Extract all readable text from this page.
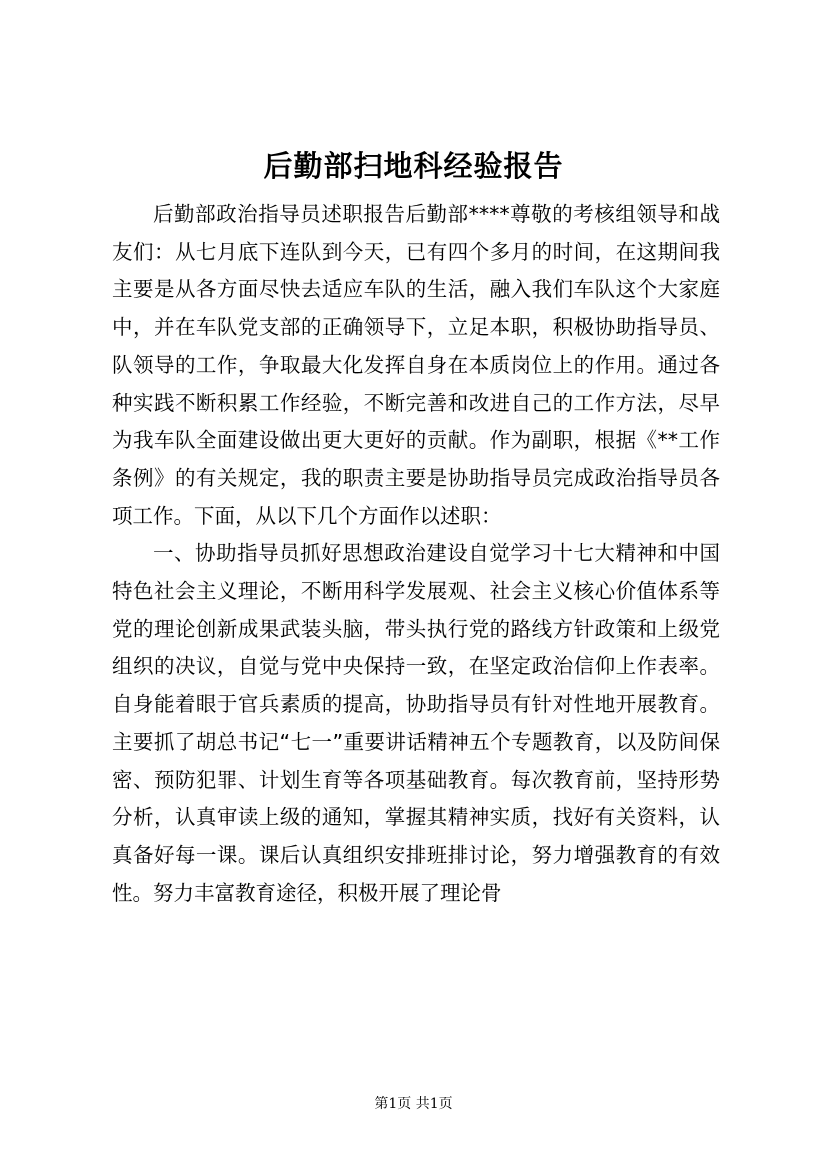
后勤部扫地科经验报告

后勤部政治指导员述职报告后勤部****尊敬的考核组领导和战友们：从七月底下连队到今天，已有四个多月的时间，在这期间我主要是从各方面尽快去适应车队的生活，融入我们车队这个大家庭中，并在车队党支部的正确领导下，立足本职，积极协助指导员、队领导的工作，争取最大化发挥自身在本质岗位上的作用。通过各种实践不断积累工作经验，不断完善和改进自己的工作方法，尽早为我车队全面建设做出更大更好的贡献。作为副职，根据《**工作条例》的有关规定，我的职责主要是协助指导员完成政治指导员各项工作。下面，从以下几个方面作以述职：

一、协助指导员抓好思想政治建设自觉学习十七大精神和中国特色社会主义理论，不断用科学发展观、社会主义核心价值体系等党的理论创新成果武装头脑，带头执行党的路线方针政策和上级党组织的决议，自觉与党中央保持一致，在坚定政治信仰上作表率。自身能着眼于官兵素质的提高，协助指导员有针对性地开展教育。主要抓了胡总书记“七一”重要讲话精神五个专题教育，以及防间保密、预防犯罪、计划生育等各项基础教育。每次教育前，坚持形势分析，认真审读上级的通知，掌握其精神实质，找好有关资料，认真备好每一课。课后认真组织安排班排讨论，努力增强教育的有效性。努力丰富教育途径，积极开展了理论骨

第1页 共1页
